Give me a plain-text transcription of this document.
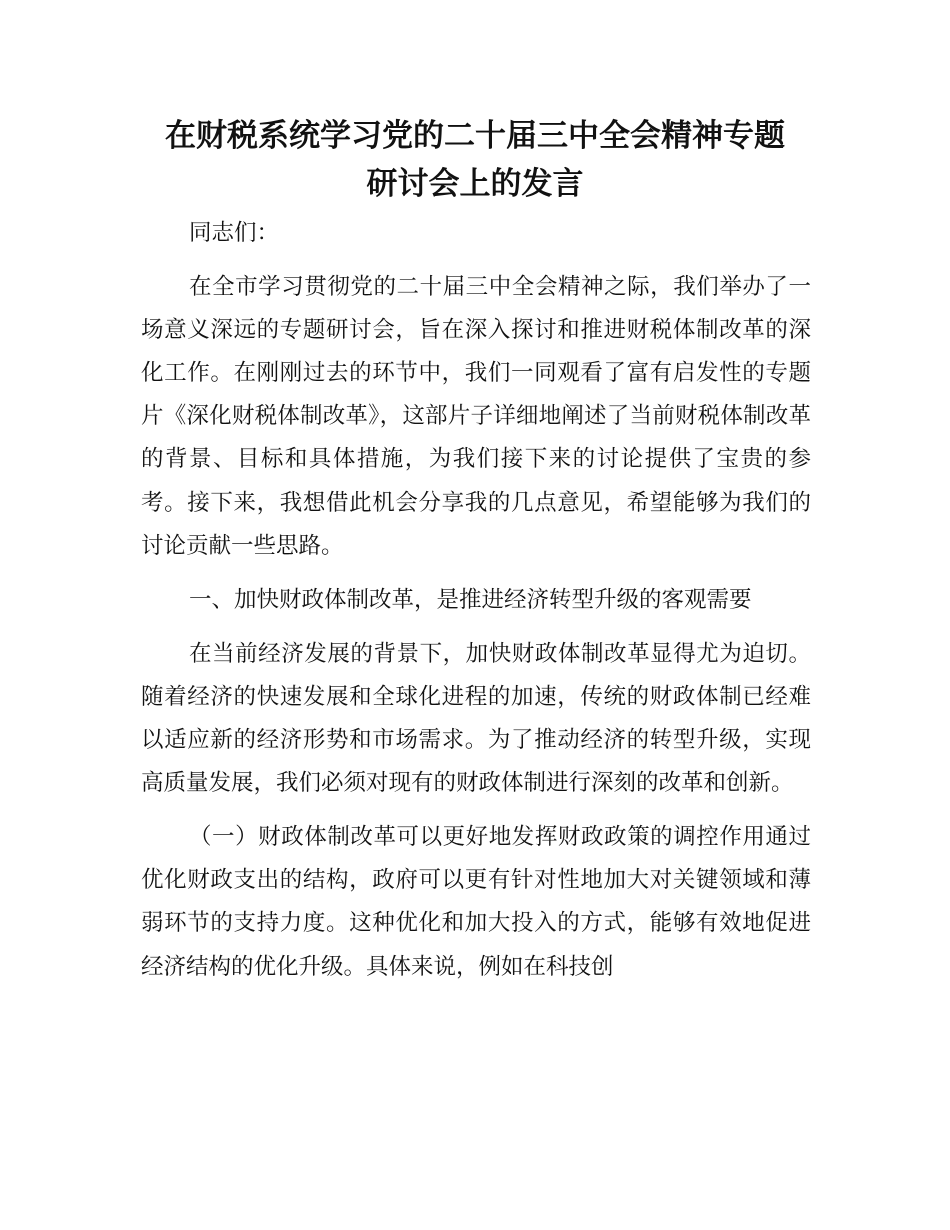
在财税系统学习党的二十届三中全会精神专题
研讨会上的发言

同志们：

在全市学习贯彻党的二十届三中全会精神之际，我们举办了一场意义深远的专题研讨会，旨在深入探讨和推进财税体制改革的深化工作。在刚刚过去的环节中，我们一同观看了富有启发性的专题片《深化财税体制改革》，这部片子详细地阐述了当前财税体制改革的背景、目标和具体措施，为我们接下来的讨论提供了宝贵的参考。接下来，我想借此机会分享我的几点意见，希望能够为我们的讨论贡献一些思路。

一、加快财政体制改革，是推进经济转型升级的客观需要

在当前经济发展的背景下，加快财政体制改革显得尤为迫切。随着经济的快速发展和全球化进程的加速，传统的财政体制已经难以适应新的经济形势和市场需求。为了推动经济的转型升级，实现高质量发展，我们必须对现有的财政体制进行深刻的改革和创新。

（一）财政体制改革可以更好地发挥财政政策的调控作用通过优化财政支出的结构，政府可以更有针对性地加大对关键领域和薄弱环节的支持力度。这种优化和加大投入的方式，能够有效地促进经济结构的优化升级。具体来说，例如在科技创
